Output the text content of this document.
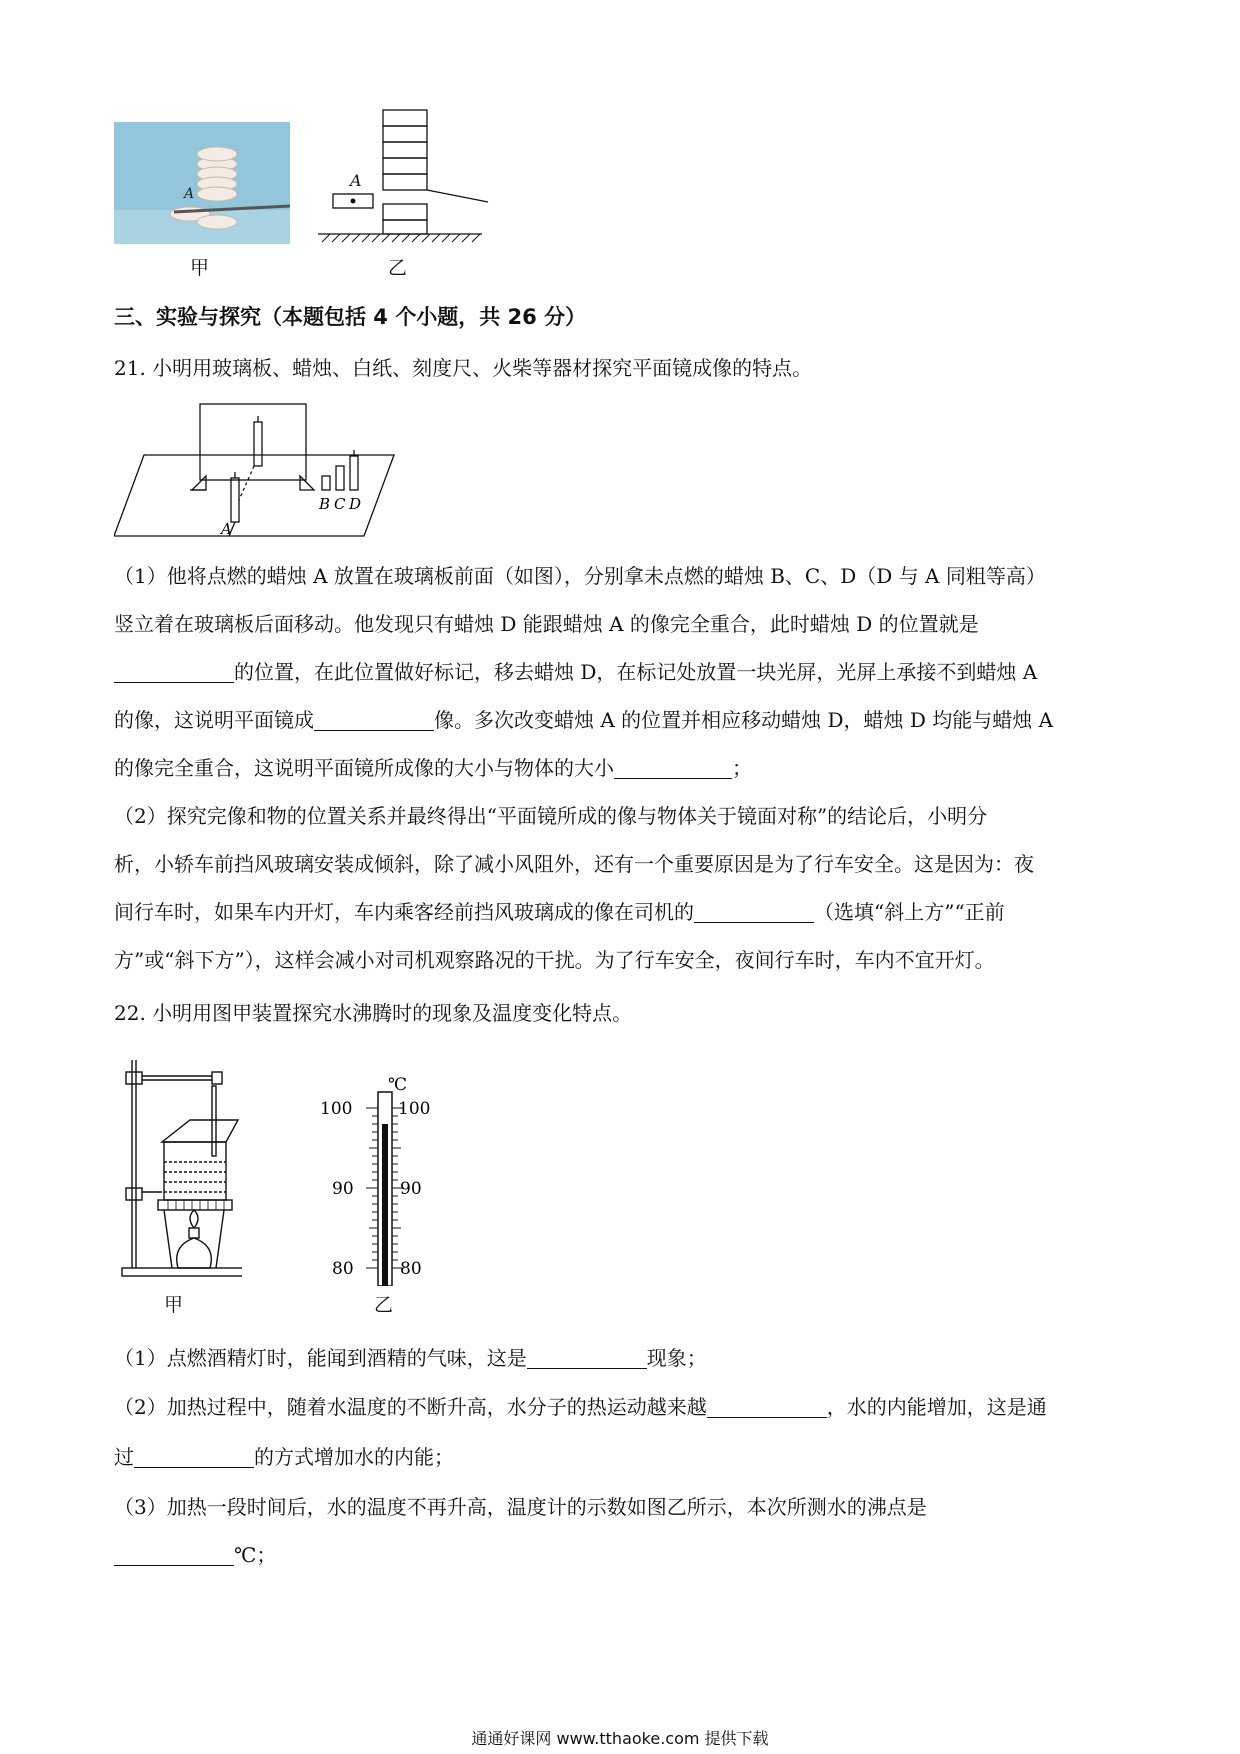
A
甲
A
乙
三、实验与探究（本题包括 4 个小题，共 26 分）
21. 小明用玻璃板、蜡烛、白纸、刻度尺、火柴等器材探究平面镜成像的特点。
A
B C D
（1）他将点燃的蜡烛 A 放置在玻璃板前面（如图），分别拿未点燃的蜡烛 B、C、D（D 与 A 同粗等高）
竖立着在玻璃板后面移动。他发现只有蜡烛 D 能跟蜡烛 A 的像完全重合，此时蜡烛 D 的位置就是
的位置，在此位置做好标记，移去蜡烛 D，在标记处放置一块光屏，光屏上承接不到蜡烛 A
的像，这说明平面镜成	像。多次改变蜡烛 A 的位置并相应移动蜡烛 D，蜡烛 D 均能与蜡烛 A
的像完全重合，这说明平面镜所成像的大小与物体的大小	；
（2）探究完像和物的位置关系并最终得出“平面镜所成的像与物体关于镜面对称”的结论后，小明分
析，小轿车前挡风玻璃安装成倾斜，除了减小风阻外，还有一个重要原因是为了行车安全。这是因为：夜
间行车时，如果车内开灯，车内乘客经前挡风玻璃成的像在司机的	（选填“斜上方”“正前
方”或“斜下方”），这样会减小对司机观察路况的干扰。为了行车安全，夜间行车时，车内不宜开灯。
22. 小明用图甲装置探究水沸腾时的现象及温度变化特点。
甲
℃
100	100
90	90
80	80
乙
（1）点燃酒精灯时，能闻到酒精的气味，这是	现象；
（2）加热过程中，随着水温度的不断升高，水分子的热运动越来越	，水的内能增加，这是通
过	的方式增加水的内能；
（3）加热一段时间后，水的温度不再升高，温度计的示数如图乙所示，本次所测水的沸点是
℃；
通通好课网 www.tthaoke.com 提供下载
